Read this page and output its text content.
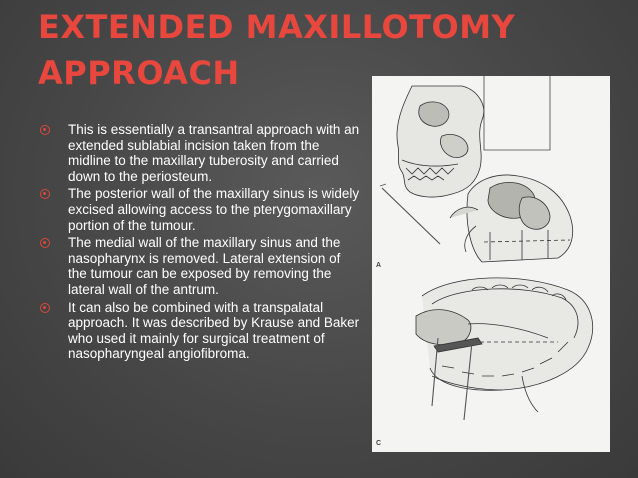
EXTENDED MAXILLOTOMY
APPROACH
This is essentially a transantral approach with an extended sublabial incision taken from the midline to the maxillary tuberosity and carried down to the periosteum.
The posterior wall of the maxillary sinus is widely excised allowing access to the pterygomaxillary portion of the tumour.
The medial wall of the maxillary sinus and the nasopharynx is removed. Lateral extension of the tumour can be exposed by removing the lateral wall of the antrum.
It can also be combined with a transpalatal approach. It was described by Krause and Baker who used it mainly for surgical treatment of nasopharyngeal angiofibroma.
A
C
